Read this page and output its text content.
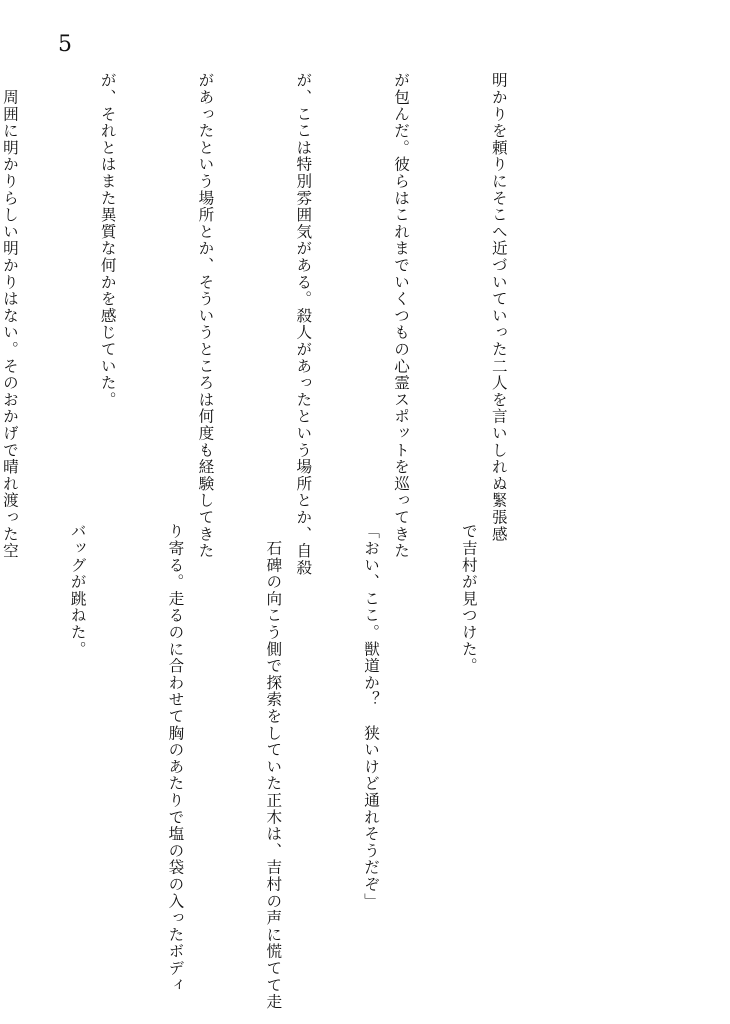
5

明かりを頼りにそこへ近づいていった二人を言いしれぬ緊張感

が包んだ。彼らはこれまでいくつもの心霊スポットを巡ってきた

が、ここは特別雰囲気がある。殺人があったという場所とか、自殺

があったという場所とか、そういうところは何度も経験してきた

が、それとはまた異質な何かを感じていた。

　周囲に明かりらしい明かりはない。そのおかげで晴れ渡った空

で吉村が見つけた。

「おい、ここ。獣道か？　狭いけど通れそうだぞ」

　石碑の向こう側で探索をしていた正木は、吉村の声に慌てて走

り寄る。走るのに合わせて胸のあたりで塩の袋の入ったボディ

バッグが跳ねた。
